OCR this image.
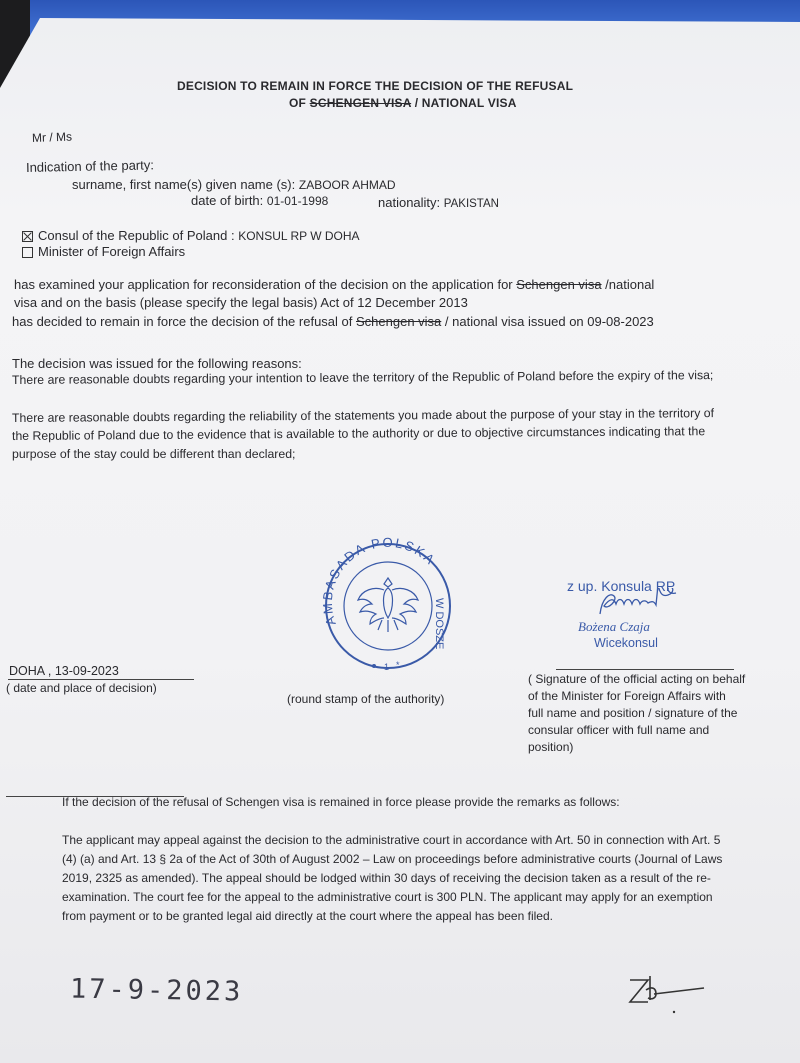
DECISION TO REMAIN IN FORCE THE DECISION OF THE REFUSAL
OF SCHENGEN VISA / NATIONAL VISA
Mr / Ms
Indication of the party:
surname, first name(s) given name (s): ZABOOR AHMAD
date of birth: 01-01-1998	nationality: PAKISTAN
Consul of the Republic of Poland : KONSUL RP W DOHA
Minister of Foreign Affairs
has examined your application for reconsideration of the decision on the application for Schengen visa /national
visa and on the basis (please specify the legal basis) Act of 12 December 2013
has decided to remain in force the decision of the refusal of Schengen visa / national visa issued on 09-08-2023
The decision was issued for the following reasons:
There are reasonable doubts regarding your intention to leave the territory of the Republic of Poland before the expiry of the visa;
There are reasonable doubts regarding the reliability of the statements you made about the purpose of your stay in the territory of
the Republic of Poland due to the evidence that is available to the authority or due to objective circumstances indicating that the
purpose of the stay could be different than declared;
AMBASADA POLSKA
W DOSZE
1 *
z up. Konsula RP
Bożena Czaja
Wicekonsul
DOHA , 13-09-2023
( date and place of decision)
(round stamp of the authority)
( Signature of the official acting on behalf
of the Minister for Foreign Affairs with
full name and position / signature of the
consular officer with full name and
position)
If the decision of the refusal of Schengen visa is remained in force please provide the remarks as follows:
The applicant may appeal against the decision to the administrative court in accordance with Art. 50 in connection with Art. 5
(4) (a) and Art. 13 § 2a of the Act of 30th of August 2002 – Law on proceedings before administrative courts (Journal of Laws
2019, 2325 as amended). The appeal should be lodged within 30 days of receiving the decision taken as a result of the re-
examination. The court fee for the appeal to the administrative court is 300 PLN. The applicant may apply for an exemption
from payment or to be granted legal aid directly at the court where the appeal has been filed.
17-9-2023
